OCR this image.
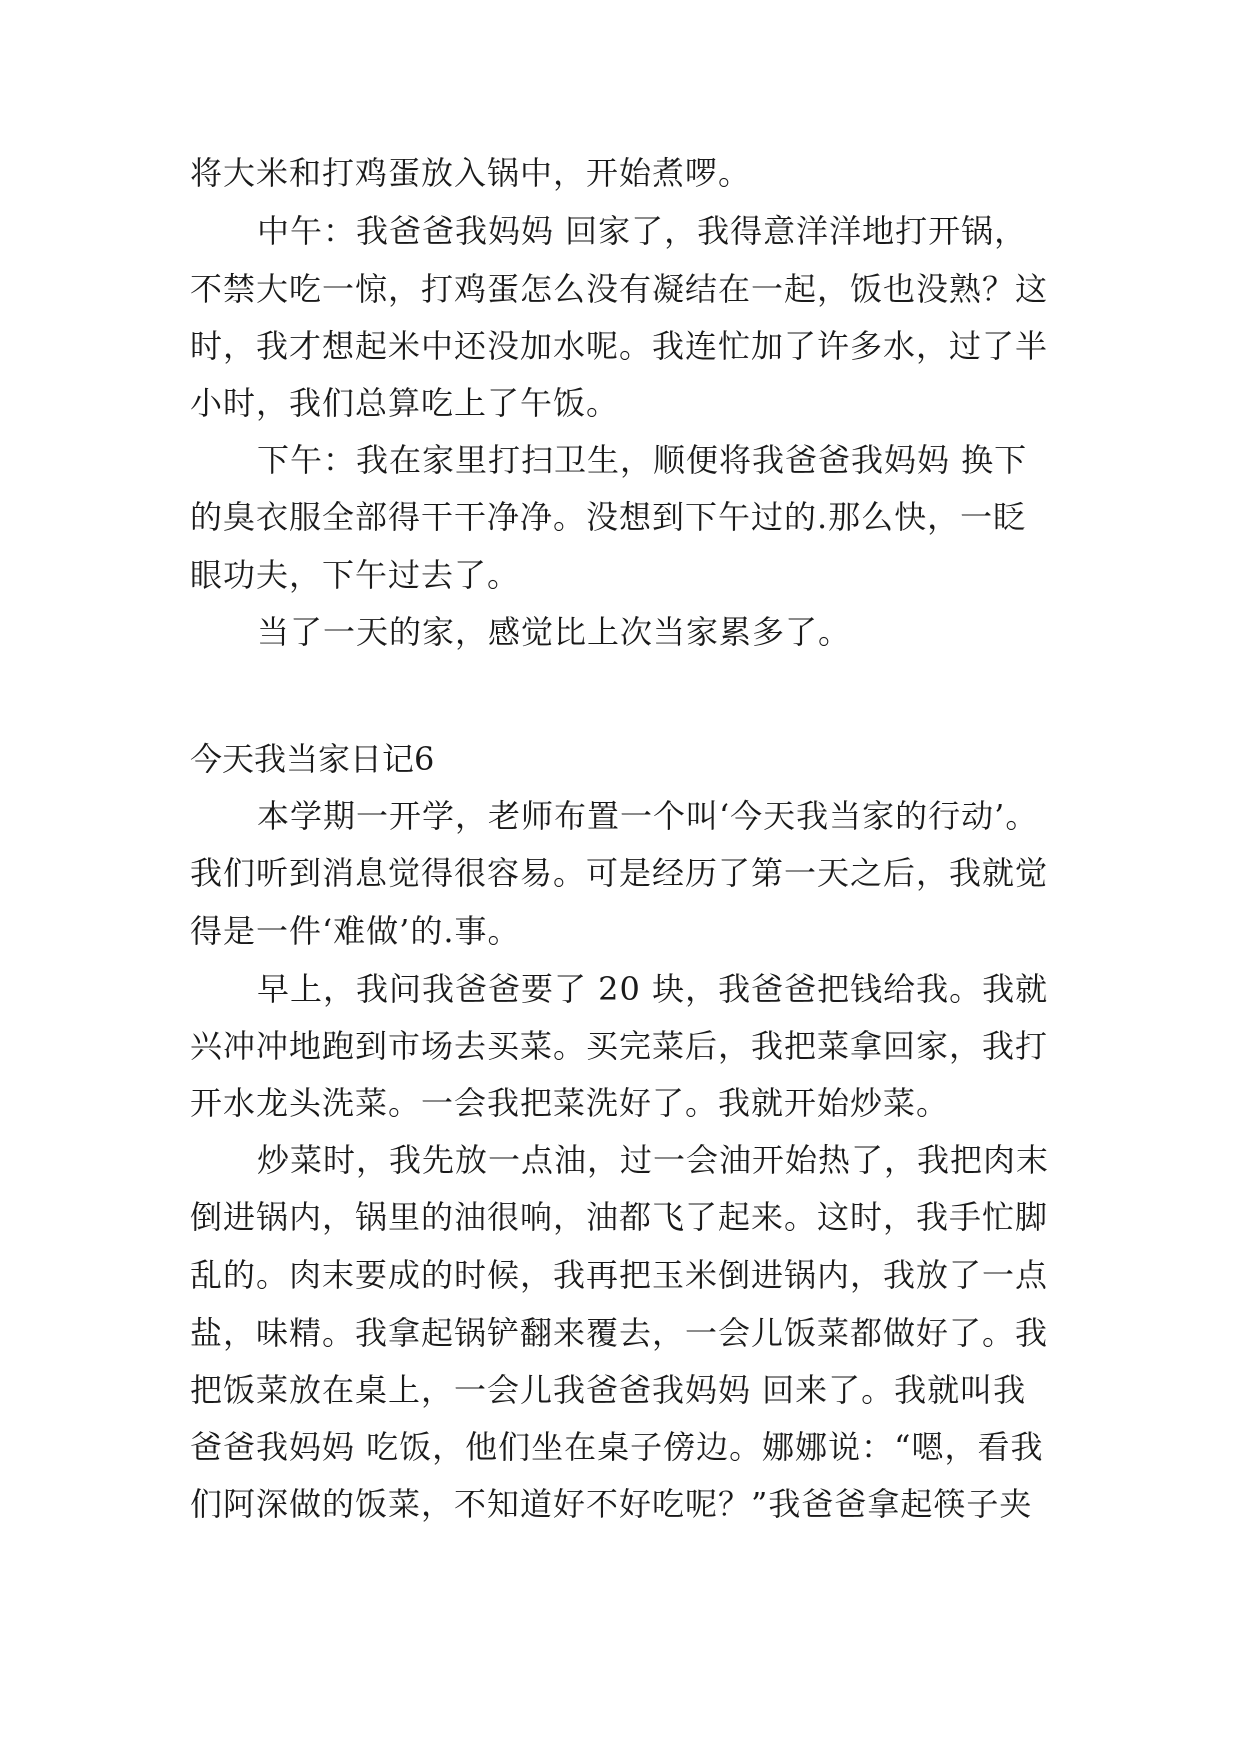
将大米和打鸡蛋放入锅中，开始煮啰。
中午：我爸爸我妈妈 回家了，我得意洋洋地打开锅，
不禁大吃一惊，打鸡蛋怎么没有凝结在一起，饭也没熟？这
时，我才想起米中还没加水呢。我连忙加了许多水，过了半
小时，我们总算吃上了午饭。
下午：我在家里打扫卫生，顺便将我爸爸我妈妈 换下
的臭衣服全部得干干净净。没想到下午过的.那么快，一眨
眼功夫，下午过去了。
当了一天的家，感觉比上次当家累多了。
今天我当家日记6
本学期一开学，老师布置一个叫‘今天我当家的行动’。
我们听到消息觉得很容易。可是经历了第一天之后，我就觉
得是一件‘难做’的.事。
早上，我问我爸爸要了 20 块，我爸爸把钱给我。我就
兴冲冲地跑到市场去买菜。买完菜后，我把菜拿回家，我打
开水龙头洗菜。一会我把菜洗好了。我就开始炒菜。
炒菜时，我先放一点油，过一会油开始热了，我把肉末
倒进锅内，锅里的油很响，油都飞了起来。这时，我手忙脚
乱的。肉末要成的时候，我再把玉米倒进锅内，我放了一点
盐，味精。我拿起锅铲翻来覆去，一会儿饭菜都做好了。我
把饭菜放在桌上，一会儿我爸爸我妈妈 回来了。我就叫我
爸爸我妈妈 吃饭，他们坐在桌子傍边。娜娜说：“嗯，看我
们阿深做的饭菜，不知道好不好吃呢？”我爸爸拿起筷子夹
